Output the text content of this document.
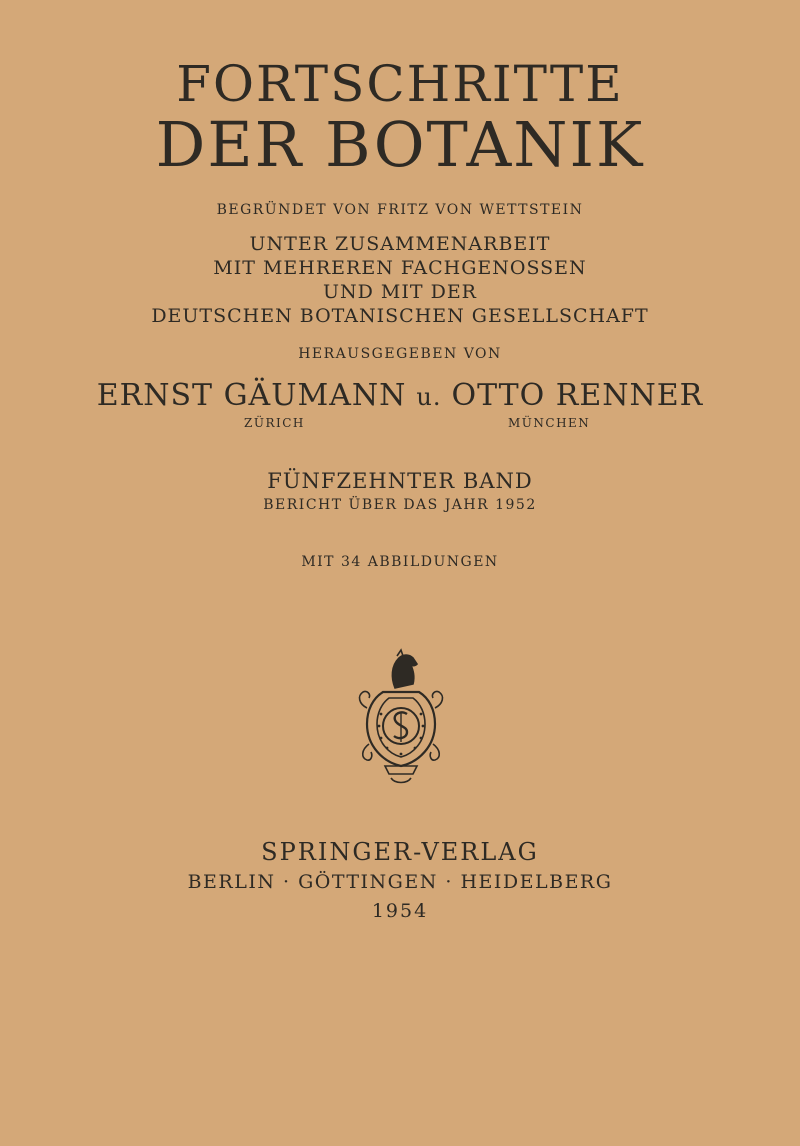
FORTSCHRITTE
DER BOTANIK
BEGRÜNDET VON FRITZ VON WETTSTEIN
UNTER ZUSAMMENARBEIT
MIT MEHREREN FACHGENOSSEN
UND MIT DER
DEUTSCHEN BOTANISCHEN GESELLSCHAFT
HERAUSGEGEBEN VON
ERNST GÄUMANN u. OTTO RENNER
ZÜRICH	MÜNCHEN
FÜNFZEHNTER BAND
BERICHT ÜBER DAS JAHR 1952
MIT 34 ABBILDUNGEN
SPRINGER-VERLAG
BERLIN · GÖTTINGEN · HEIDELBERG
1954
